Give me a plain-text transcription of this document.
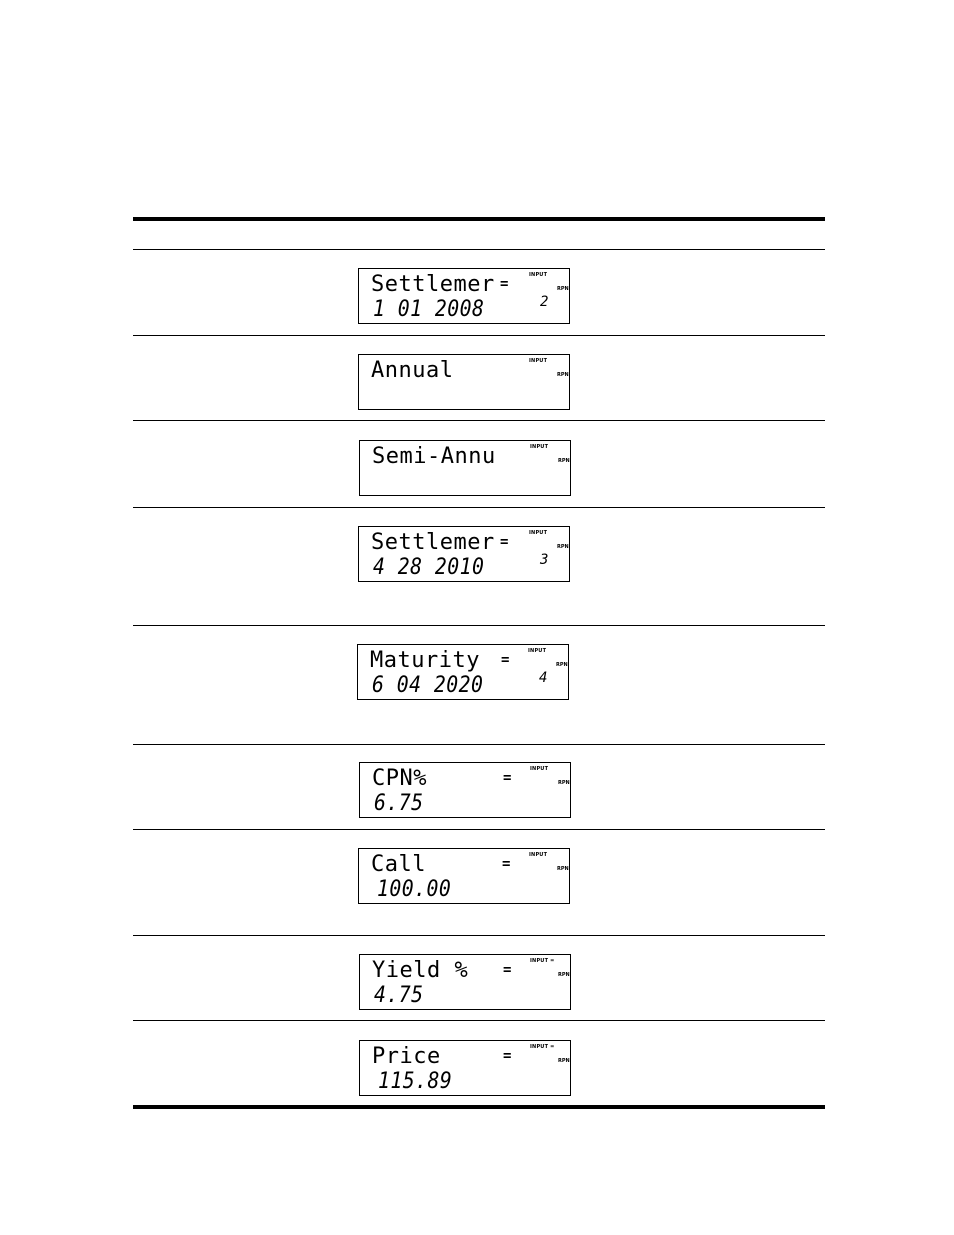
Settlemer =
INPUT
RPN
1 01 2008	2
Annual	INPUT
RPN
Semi-Annu	INPUT
RPN
Settlemer =
INPUT
RPN
4 28 2010	3
Maturity =
INPUT
RPN
6 04 2020	4
CPN%	=
INPUT
RPN
6.75
Call	=
INPUT
RPN
100.00
Yield % =
INPUT =
RPN
4.75
Price	=
INPUT =
RPN
115.89
